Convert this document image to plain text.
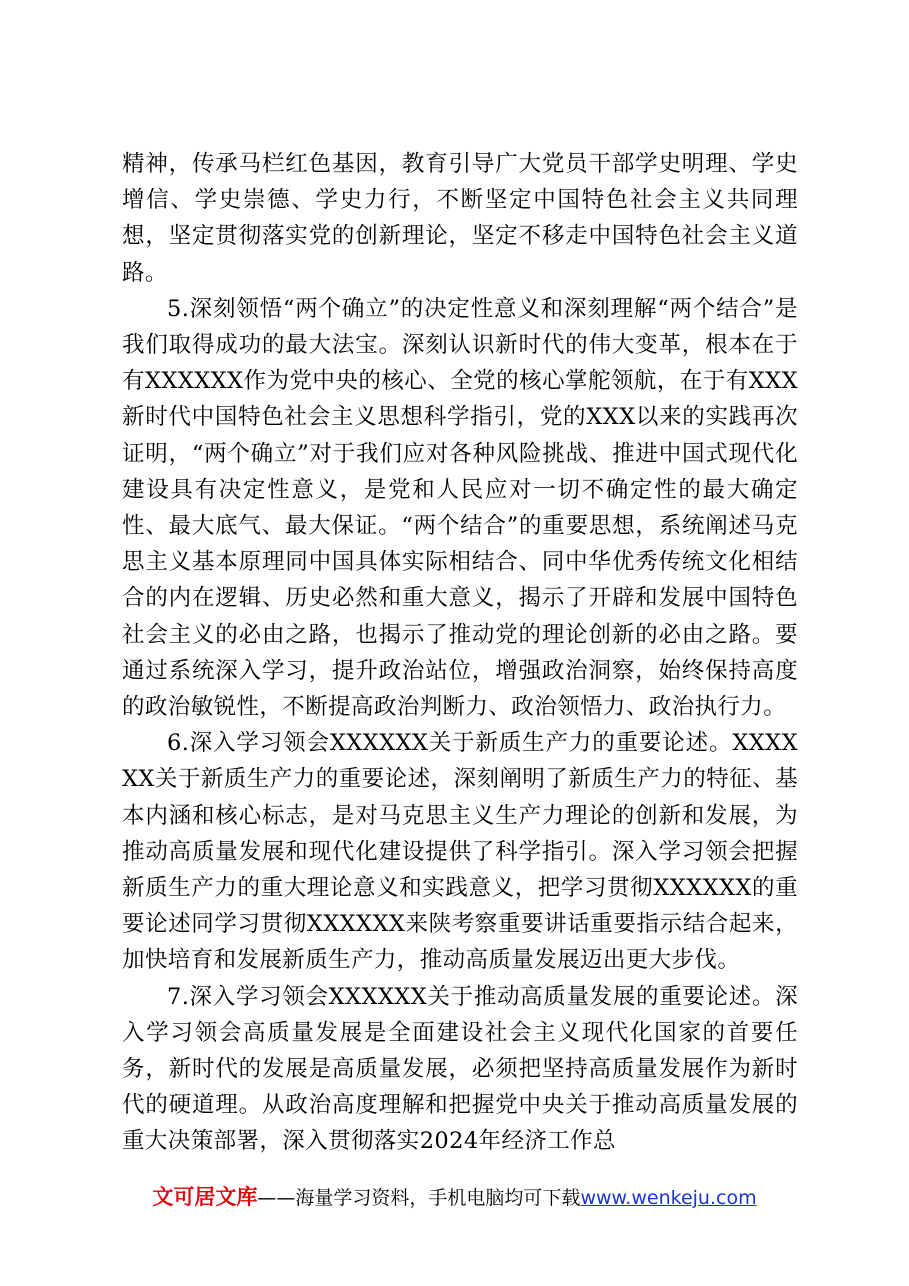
精神，传承马栏红色基因，教育引导广大党员干部学史明理、学史增信、学史崇德、学史力行，不断坚定中国特色社会主义共同理想，坚定贯彻落实党的创新理论，坚定不移走中国特色社会主义道路。

5.深刻领悟“两个确立”的决定性意义和深刻理解“两个结合”是我们取得成功的最大法宝。深刻认识新时代的伟大变革，根本在于有XXXXXX作为党中央的核心、全党的核心掌舵领航，在于有XXX新时代中国特色社会主义思想科学指引，党的XXX以来的实践再次证明，“两个确立”对于我们应对各种风险挑战、推进中国式现代化建设具有决定性意义，是党和人民应对一切不确定性的最大确定性、最大底气、最大保证。“两个结合”的重要思想，系统阐述马克思主义基本原理同中国具体实际相结合、同中华优秀传统文化相结合的内在逻辑、历史必然和重大意义，揭示了开辟和发展中国特色社会主义的必由之路，也揭示了推动党的理论创新的必由之路。要通过系统深入学习，提升政治站位，增强政治洞察，始终保持高度的政治敏锐性，不断提高政治判断力、政治领悟力、政治执行力。

6.深入学习领会XXXXXX关于新质生产力的重要论述。XXXXXX关于新质生产力的重要论述，深刻阐明了新质生产力的特征、基本内涵和核心标志，是对马克思主义生产力理论的创新和发展，为推动高质量发展和现代化建设提供了科学指引。深入学习领会把握新质生产力的重大理论意义和实践意义，把学习贯彻XXXXXX的重要论述同学习贯彻XXXXXX来陕考察重要讲话重要指示结合起来，加快培育和发展新质生产力，推动高质量发展迈出更大步伐。

7.深入学习领会XXXXXX关于推动高质量发展的重要论述。深入学习领会高质量发展是全面建设社会主义现代化国家的首要任务，新时代的发展是高质量发展，必须把坚持高质量发展作为新时代的硬道理。从政治高度理解和把握党中央关于推动高质量发展的重大决策部署，深入贯彻落实2024年经济工作总

文可居文库——海量学习资料，手机电脑均可下载www.wenkeju.com
